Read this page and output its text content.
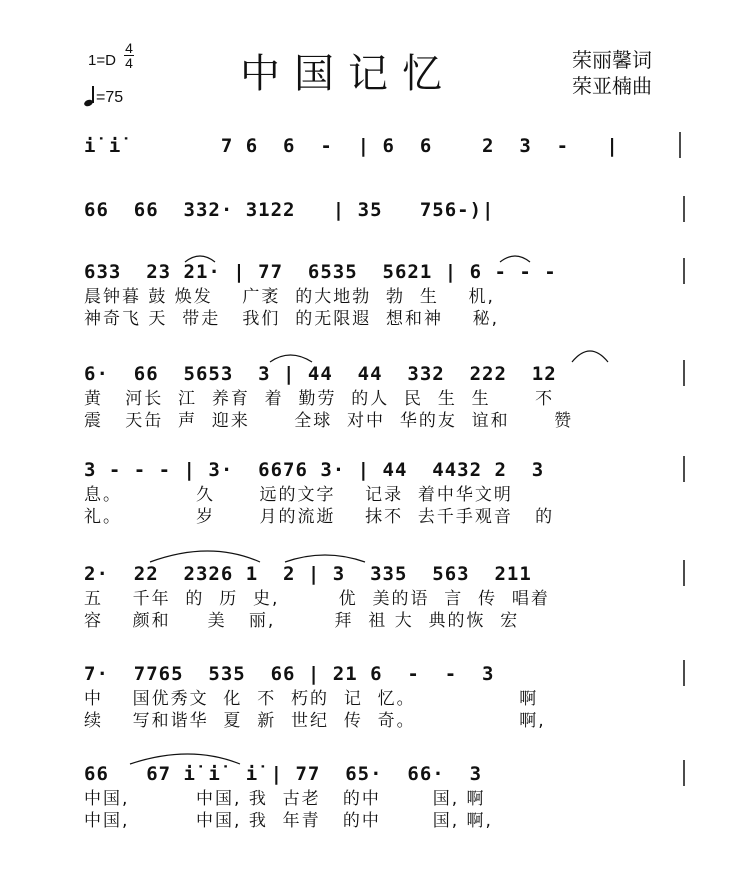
中国记忆	荣丽馨词
荣亚楠曲
1=D
4
4
=75
i̇ i̇        7 6  6  -  | 6  6    2  3  -   |
66  66  332· 3122   | 35   756-)|
633  23 21· | 77  6535  5621 | 6 - - -
晨钟暮 鼓 焕发    广袤  的大地勃  勃  生    机,
神奇飞 天  带走   我们  的无限遐  想和神    秘,
6·  66  5653  3 | 44  44  332  222  12
黄   河长  江  养育  着  勤劳  的人  民  生  生      不
震   天缶  声  迎来      全球  对中  华的友  谊和      赞
3 - - - | 3·  6676 3· | 44  4432 2  3
息。          久      远的文字    记录  着中华文明
礼。          岁      月的流逝    抹不  去千手观音   的
2·  22  2326 1  2 | 3  335  563  211
五    千年  的  历  史,        优  美的语  言  传  唱着
容    颜和     美   丽,        拜  祖 大  典的恢  宏
7·  7765  535  66 | 21 6  -  -  3
中    国优秀文  化  不  朽的  记  忆。              啊
续    写和谐华  夏  新  世纪  传  奇。              啊,
66   67 i̇ i̇  i̇ | 77  65·  66·  3
中国,         中国, 我  古老   的中       国, 啊
中国,         中国, 我  年青   的中       国, 啊,
